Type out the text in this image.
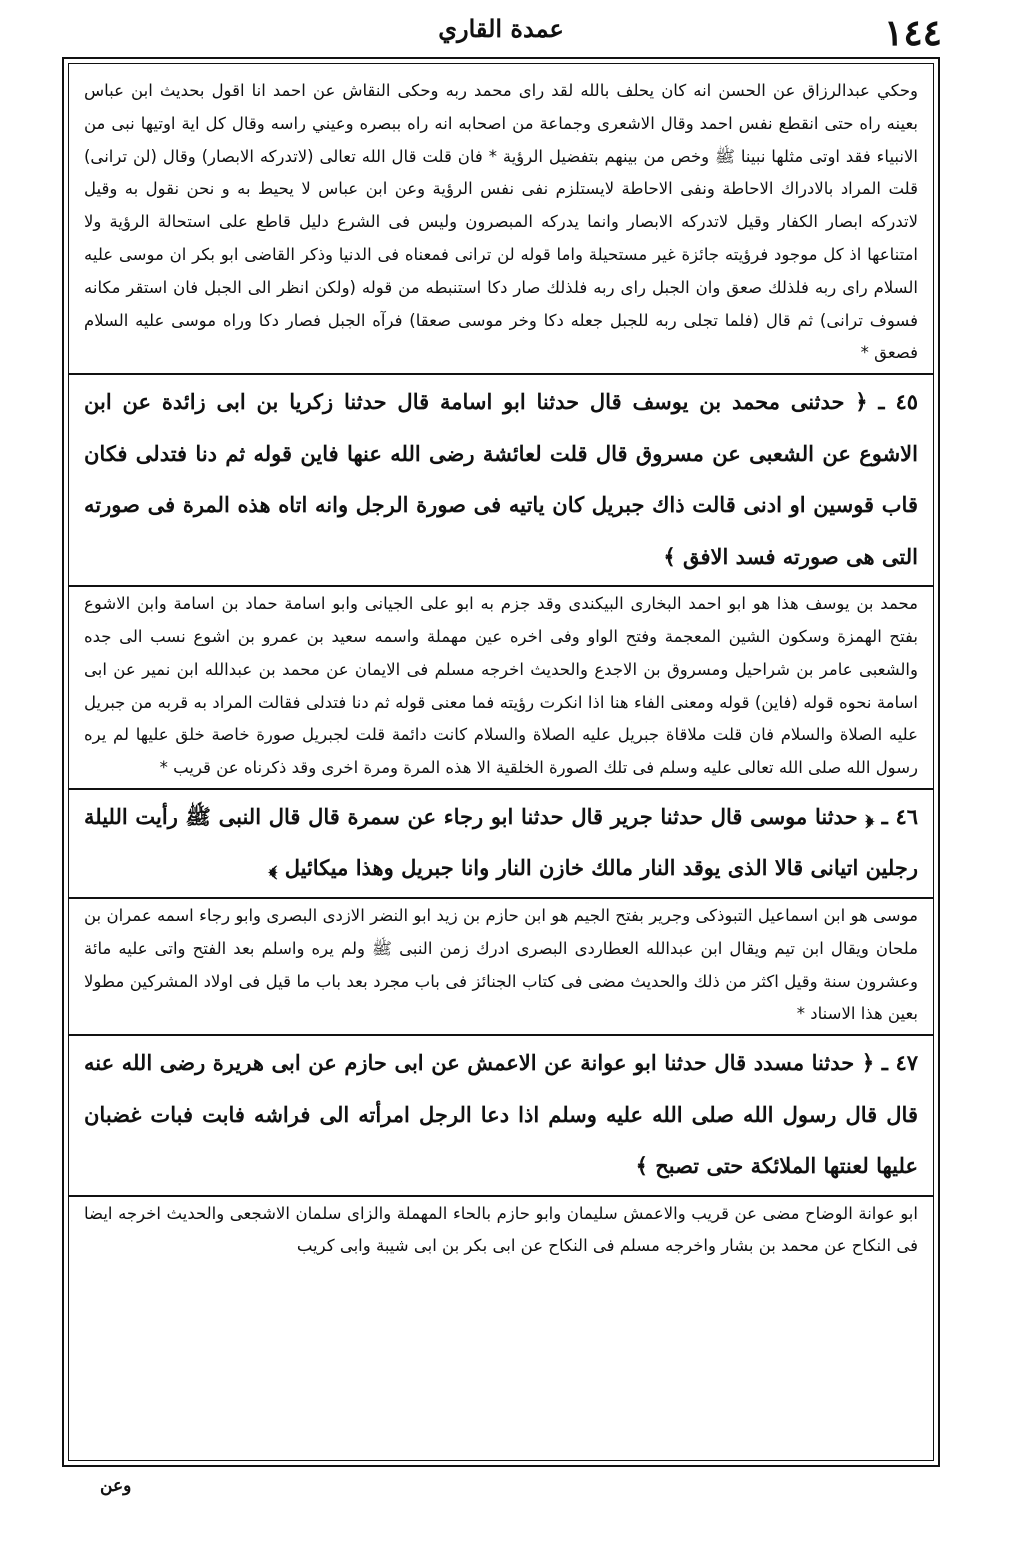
١٤٤
عمدة القاري

وحكي عبدالرزاق عن الحسن انه كان يحلف بالله لقد رای محمد ربه وحکی النقاش عن احمد انا اقول بحديث ابن عباس بعينه راه حتى انقطع نفس احمد وقال الاشعرى وجماعة من اصحابه انه راه ببصره وعيني راسه وقال كل اية اوتيها نبى من الانبياء فقد اوتی مثلها نبينا ﷺ وخص من بينهم بتفضيل الرؤية * فان قلت قال الله تعالى (لاتدركه الابصار) وقال (لن ترانى) قلت المراد بالادراك الاحاطة ونفى الاحاطة لايستلزم نفى نفس الرؤية وعن ابن عباس لا يحيط به و نحن نقول به وقيل لاتدركه ابصار الكفار وقيل لاتدركه الابصار وانما يدركه المبصرون وليس فى الشرع دليل قاطع على استحالة الرؤية ولا امتناعها اذ كل موجود فرؤيته جائزة غير مستحيلة واما قوله لن ترانى فمعناه فى الدنيا وذكر القاضى ابو بكر ان موسى عليه السلام راى ربه فلذلك صعق وان الجبل راى ربه فلذلك صار دكا استنبطه من قوله (ولكن انظر الى الجبل فان استقر مكانه فسوف ترانى) ثم قال (فلما تجلى ربه للجبل جعله دكا وخر موسى صعقا) فرآه الجبل فصار دكا وراه موسى عليه السلام فصعق *

٤٥ ـ ﴿ حدثنى محمد بن يوسف قال حدثنا ابو اسامة قال حدثنا زكريا بن ابى زائدة عن ابن الاشوع عن الشعبى عن مسروق قال قلت لعائشة رضى الله عنها فاين قوله ثم دنا فتدلى فكان قاب قوسين او ادنى قالت ذاك جبريل كان ياتيه فى صورة الرجل وانه اتاه هذه المرة فى صورته التى هى صورته فسد الافق ﴾

محمد بن يوسف هذا هو ابو احمد البخارى البيكندى وقد جزم به ابو على الجيانى وابو اسامة حماد بن اسامة وابن الاشوع بفتح الهمزة وسكون الشين المعجمة وفتح الواو وفى اخره عين مهملة واسمه سعيد بن عمرو بن اشوع نسب الى جده والشعبى عامر بن شراحيل ومسروق بن الاجدع والحديث اخرجه مسلم فى الايمان عن محمد بن عبدالله ابن نمير عن ابى اسامة نحوه قوله (فاين) قوله ومعنى الفاء هنا اذا انكرت رؤيته فما معنى قوله ثم دنا فتدلى فقالت المراد به قربه من جبريل عليه الصلاة والسلام فان قلت ملاقاة جبريل عليه الصلاة والسلام كانت دائمة قلت لجبريل صورة خاصة خلق عليها لم يره رسول الله صلى الله تعالى عليه وسلم فى تلك الصورة الخلقية الا هذه المرة ومرة اخرى وقد ذكرناه عن قريب *

٤٦ ـ ﴿ حدثنا موسى قال حدثنا جرير قال حدثنا ابو رجاء عن سمرة قال قال النبى ﷺ رأيت الليلة رجلين اتيانى قالا الذى يوقد النار مالك خازن النار وانا جبريل وهذا ميكائيل ﴾

موسى هو ابن اسماعيل التبوذكى وجرير بفتح الجيم هو ابن حازم بن زيد ابو النضر الازدى البصرى وابو رجاء اسمه عمران بن ملحان ويقال ابن تيم ويقال ابن عبدالله العطاردى البصرى ادرك زمن النبى ﷺ ولم يره واسلم بعد الفتح واتى عليه مائة وعشرون سنة وقيل اكثر من ذلك والحديث مضى فى كتاب الجنائز فى باب مجرد بعد باب ما قيل فى اولاد المشركين مطولا بعين هذا الاسناد *

٤٧ ـ ﴿ حدثنا مسدد قال حدثنا ابو عوانة عن الاعمش عن ابى حازم عن ابى هريرة رضى الله عنه قال قال رسول الله صلى الله عليه وسلم اذا دعا الرجل امرأته الى فراشه فابت فبات غضبان عليها لعنتها الملائكة حتى تصبح ﴾

ابو عوانة الوضاح مضى عن قريب والاعمش سليمان وابو حازم بالحاء المهملة والزاى سلمان الاشجعى والحديث اخرجه ايضا فى النكاح عن محمد بن بشار واخرجه مسلم فى النكاح عن ابى بكر بن ابى شيبة وابى كريب

وعن
